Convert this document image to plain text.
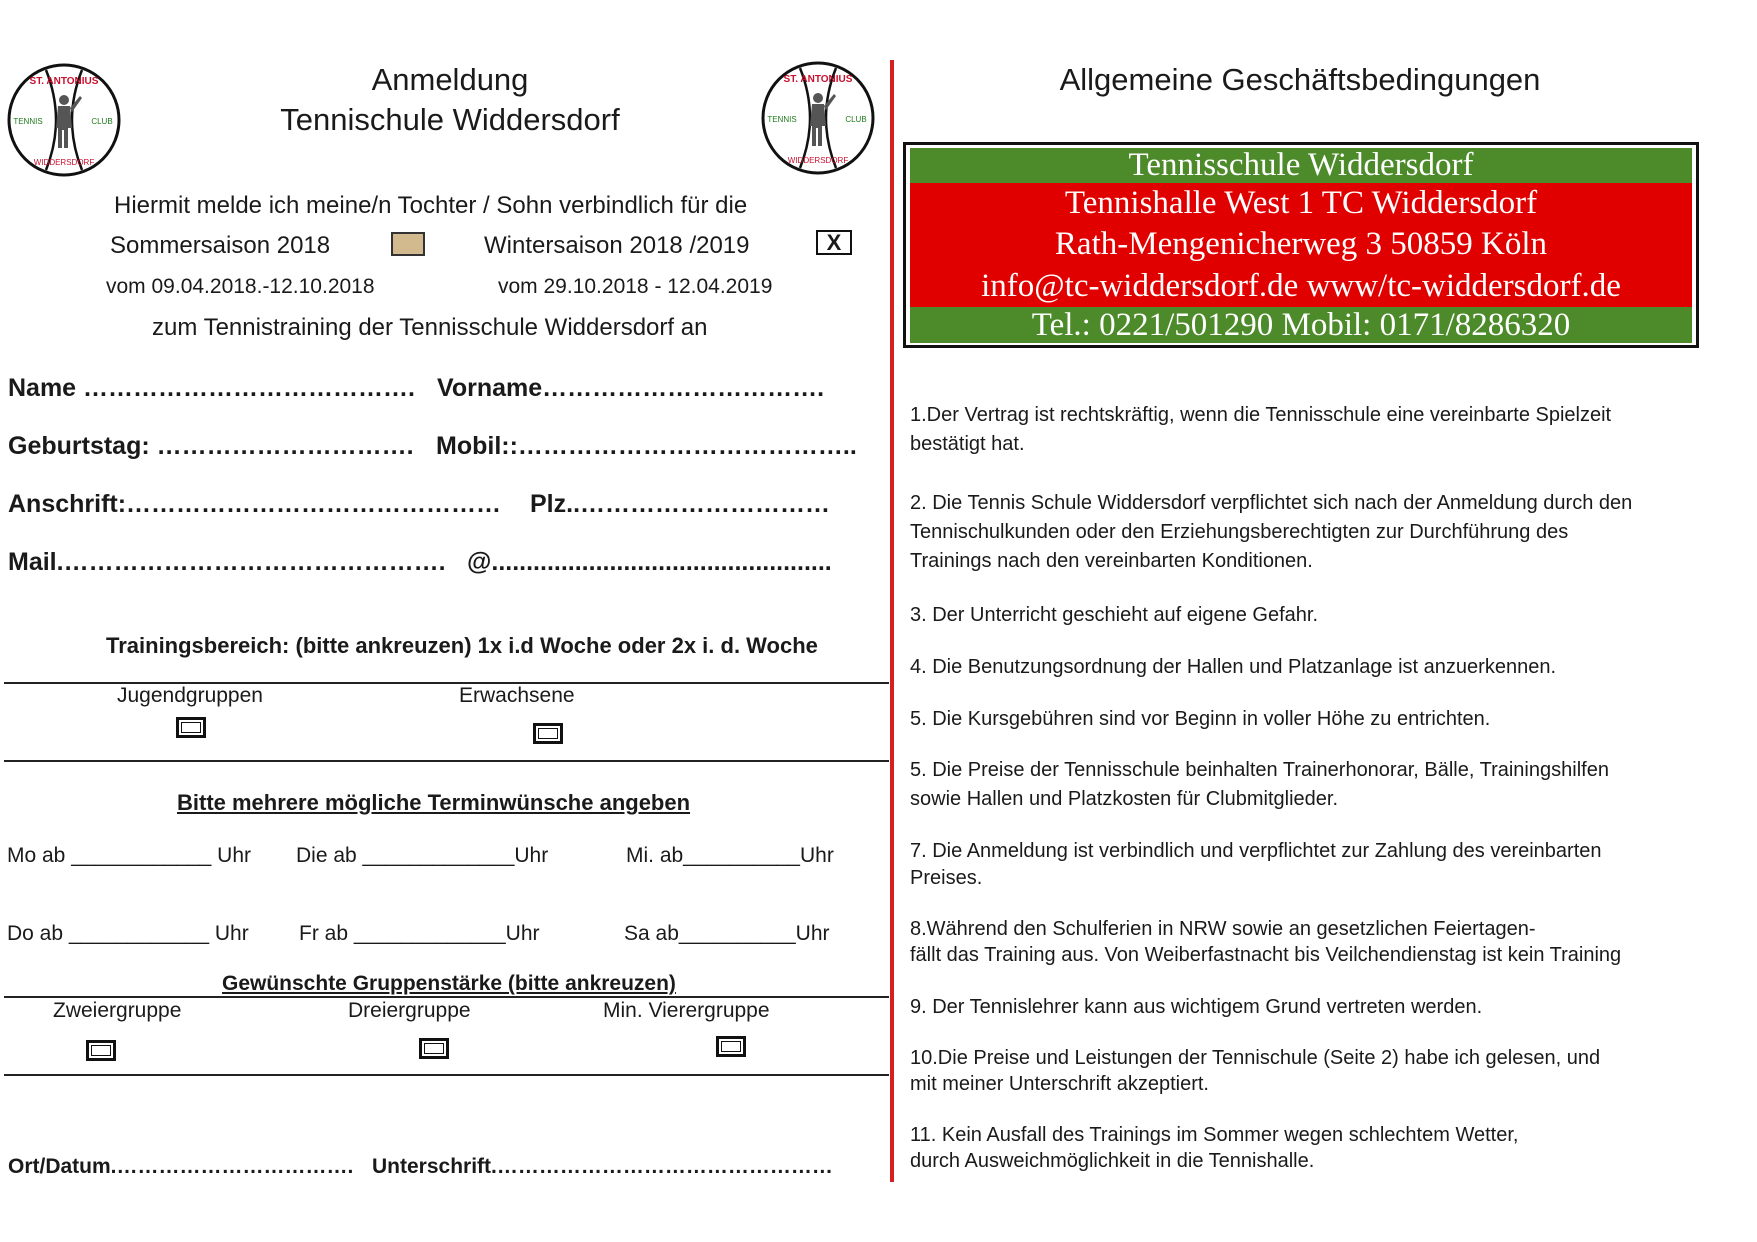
ST. ANTONIUS
TENNIS	CLUB
WIDDERSDORF
ST. ANTONIUS
TENNIS	CLUB
WIDDERSDORF
Anmeldung
Tennischule Widdersdorf
Hiermit melde ich meine/n Tochter / Sohn verbindlich für die
Sommersaison 2018	Wintersaison 2018 /2019	X
vom 09.04.2018.-12.10.2018	vom 29.10.2018 - 12.04.2019
zum Tennistraining der Tennisschule Widdersdorf an
Name …………………………………. Vorname…………………………….
Geburtstag: …………………………. Mobil::…………………………………..
Anschrift:……………………………………… Plz..…………………………
Mail.………………………………………. @.................................................
Trainingsbereich: (bitte ankreuzen) 1x i.d Woche oder 2x i. d. Woche
Jugendgruppen	Erwachsene
Bitte mehrere mögliche Terminwünsche angeben
Mo ab ____________ Uhr Die ab _____________Uhr	Mi. ab__________Uhr
Do ab ____________ Uhr Fr ab _____________Uhr	Sa ab__________Uhr
Gewünschte Gruppenstärke (bitte ankreuzen)
Zweiergruppe	Dreiergruppe	Min. Vierergruppe
Ort/Datum.……………………………. Unterschrift.…………………………………………
Allgemeine Geschäftsbedingungen
Tennisschule Widdersdorf
Tennishalle West 1 TC Widdersdorf
Rath-Mengenicherweg 3 50859 Köln
info@tc-widdersdorf.de www/tc-widdersdorf.de
Tel.: 0221/501290 Mobil: 0171/8286320
1.Der Vertrag ist rechtskräftig, wenn die Tennisschule eine vereinbarte Spielzeit
bestätigt hat.
2. Die Tennis Schule Widdersdorf verpflichtet sich nach der Anmeldung durch den
Tennischulkunden oder den Erziehungsberechtigten zur Durchführung des
Trainings nach den vereinbarten Konditionen.
3. Der Unterricht geschieht auf eigene Gefahr.
4. Die Benutzungsordnung der Hallen und Platzanlage ist anzuerkennen.
5. Die Kursgebühren sind vor Beginn in voller Höhe zu entrichten.
5. Die Preise der Tennisschule beinhalten Trainerhonorar, Bälle, Trainingshilfen
sowie Hallen und Platzkosten für Clubmitglieder.
7. Die Anmeldung ist verbindlich und verpflichtet zur Zahlung des vereinbarten
Preises.
8.Während den Schulferien in NRW sowie an gesetzlichen Feiertagen-
fällt das Training aus. Von Weiberfastnacht bis Veilchendienstag ist kein Training
9. Der Tennislehrer kann aus wichtigem Grund vertreten werden.
10.Die Preise und Leistungen der Tennischule (Seite 2) habe ich gelesen, und
mit meiner Unterschrift akzeptiert.
11. Kein Ausfall des Trainings im Sommer wegen schlechtem Wetter,
durch Ausweichmöglichkeit in die Tennishalle.
